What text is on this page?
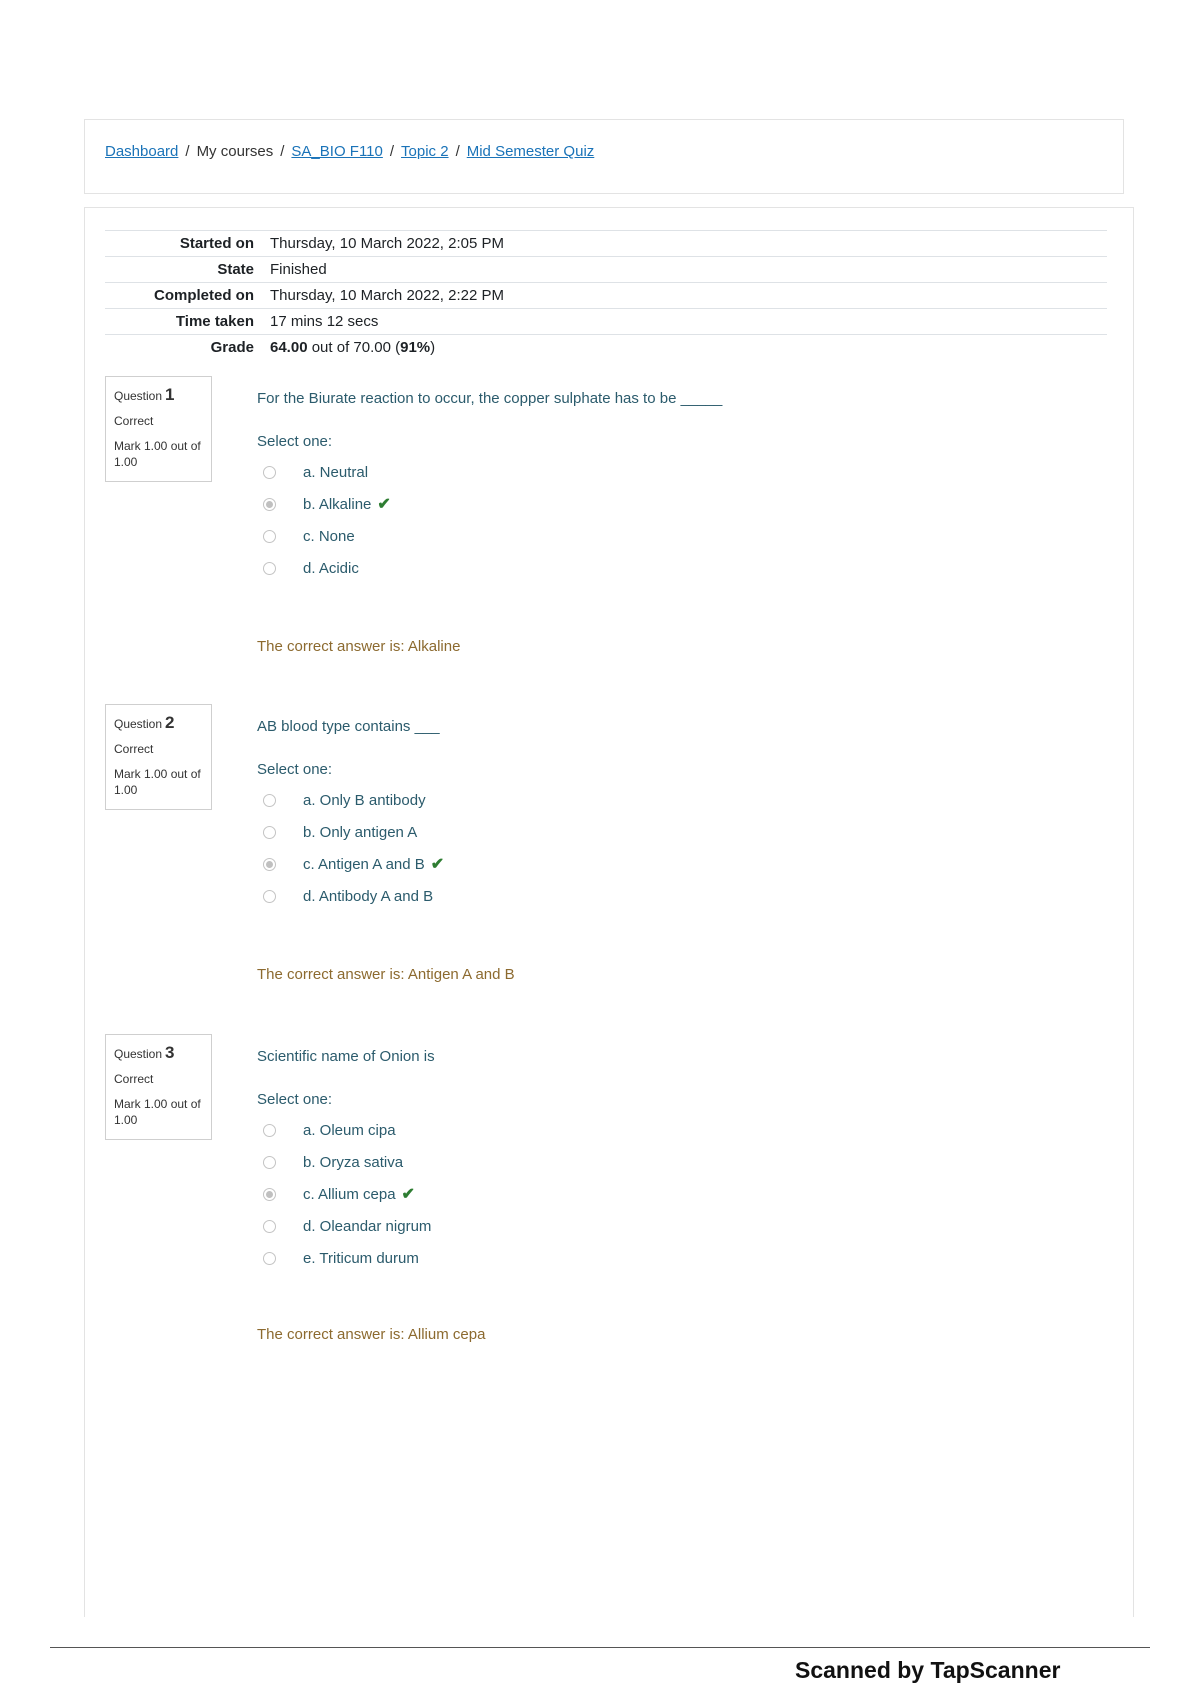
Dashboard / My courses / SA_BIO F110 / Topic 2 / Mid Semester Quiz
Started on	Thursday, 10 March 2022, 2:05 PM
State	Finished
Completed on	Thursday, 10 March 2022, 2:22 PM
Time taken	17 mins 12 secs
Grade	64.00 out of 70.00 (91%)
Question 1
Correct
Mark 1.00 out of 1.00
For the Biurate reaction to occur, the copper sulphate has to be _____
Select one:
a. Neutral
b. Alkaline ✔
c. None
d. Acidic
The correct answer is: Alkaline
Question 2
Correct
Mark 1.00 out of 1.00
AB blood type contains ___
Select one:
a. Only B antibody
b. Only antigen A
c. Antigen A and B ✔
d. Antibody A and B
The correct answer is: Antigen A and B
Question 3
Correct
Mark 1.00 out of 1.00
Scientific name of Onion is
Select one:
a. Oleum cipa
b. Oryza sativa
c. Allium cepa ✔
d. Oleandar nigrum
e. Triticum durum
The correct answer is: Allium cepa
Scanned by TapScanner
